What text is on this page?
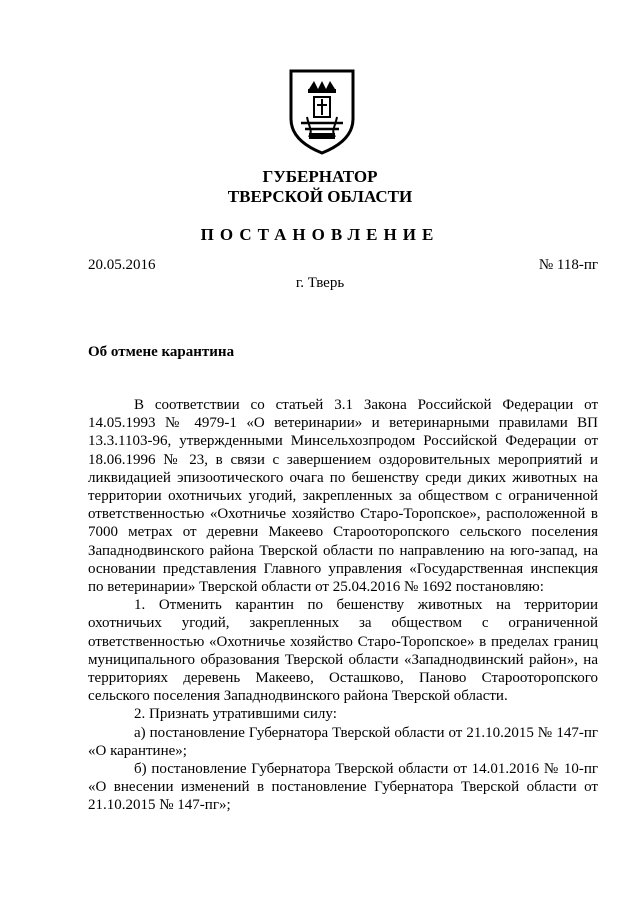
ГУБЕРНАТОР
ТВЕРСКОЙ ОБЛАСТИ
ПОСТАНОВЛЕНИЕ
20.05.2016	№ 118-пг
г. Тверь
Об отмене карантина

В соответствии со статьей 3.1 Закона Российской Федерации от 14.05.1993 № 4979-1 «О ветеринарии» и ветеринарными правилами ВП 13.3.1103-96, утвержденными Минсельхозпродом Российской Федерации от 18.06.1996 № 23, в связи с завершением оздоровительных мероприятий и ликвидацией эпизоотического очага по бешенству среди диких животных на территории охотничьих угодий, закрепленных за обществом с ограниченной ответственностью «Охотничье хозяйство Старо-Торопское», расположенной в 7000 метрах от деревни Макеево Старооторопского сельского поселения Западнодвинского района Тверской области по направлению на юго-запад, на основании представления Главного управления «Государственная инспекция по ветеринарии» Тверской области от 25.04.2016 № 1692 постановляю:

1. Отменить карантин по бешенству животных на территории охотничьих угодий, закрепленных за обществом с ограниченной ответственностью «Охотничье хозяйство Старо-Торопское» в пределах границ муниципального образования Тверской области «Западнодвинский район», на территориях деревень Макеево, Осташково, Паново Старооторопского сельского поселения Западнодвинского района Тверской области.

2. Признать утратившими силу:

а) постановление Губернатора Тверской области от 21.10.2015 № 147-пг «О карантине»;

б) постановление Губернатора Тверской области от 14.01.2016 № 10-пг «О внесении изменений в постановление Губернатора Тверской области от 21.10.2015 № 147-пг»;
